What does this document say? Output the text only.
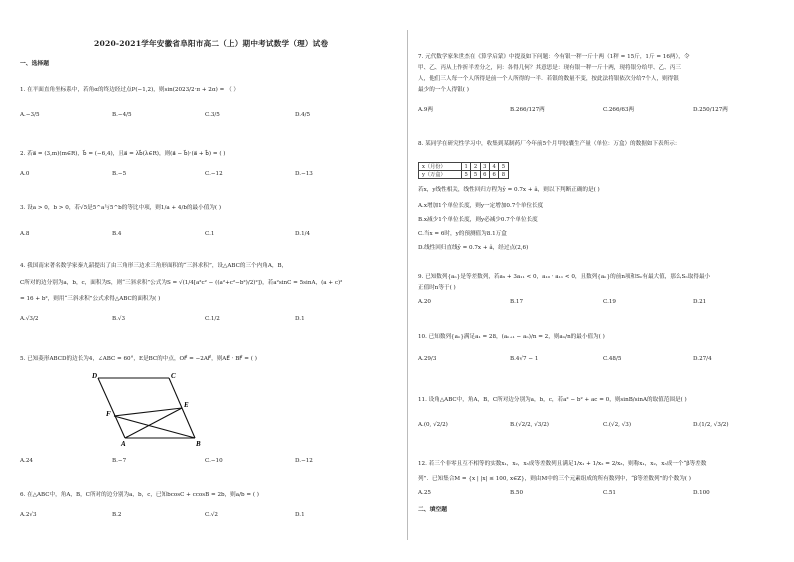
2020-2021学年安徽省阜阳市高二（上）期中考试数学（理）试卷
一、选择题
1. 在平面直角坐标系中，若角α的终边经过点P(−1,2)，则sin(2023/2·π + 2α) = （ ）
A.−3/5	B.−4/5	C.3/5	D.4/5
2. 若a⃗ = (3,m)(m∈R)，b⃗ = (−6,4)，且a⃗ = λb⃗(λ∈R)，则(a⃗ − b⃗)·(a⃗ + b⃗) = ( )
A.0	B.−5	C.−12	D.−13
3. 设a > 0，b > 0，若√5是5^a与5^b的等比中项，则1/a + 4/b的最小值为( )
A.8	B.4	C.1	D.1/4
4. 我国南宋著名数学家秦九韶提出了由三角形三边求三角形面积的“三斜求积”，设△ABC的三个内角A，B，
C所对的边分别为a，b，c，面积为S，则“三斜求积”公式为S = √(1/4[a²c² − ((a²+c²−b²)/2)²])，若a²sinC = 5sinA，(a + c)²
= 16 + b²，则用“三斜求积”公式求得△ABC的面积为( )
A.√3/2	B.√3	C.1/2	D.1
5. 已知菱形ABCD的边长为4，∠ABC = 60°，E是BC的中点，OF⃗ = −2AF⃗，则AE⃗ · BF⃗ = ( )
D	C
E
F
A	B
A.24	B.−7	C.−10	D.−12
6. 在△ABC中，角A，B，C所对的边分别为a，b，c，已知bcosC + ccosB = 2b，则a/b = ( )
A.2√3	B.2	C.√2	D.1
7. 元代数学家朱世杰在《算学启蒙》中提及如下问题：今有银一秤一斤十两（1秤 = 15斤，1斤 = 16两），令
甲、乙、丙从上作折半差分之，问：各得几何？其意思是：现有银一秤一斤十两，现将银分给甲、乙、丙三
人，他们三人每一个人所得是前一个人所得的一半．若银的数量不变，按此法将银依次分给7个人，则得银
最少的一个人得银( )
A.9两	B.266/127两	C.266/63两	D.250/127两
8. 某同学在研究性学习中，收集到某制药厂今年前5个月甲胶囊生产量（单位：万盒）的数据如下表所示：
x（月份）	1	2	3	4	5
y（万盒）	5	5	6	6	8
若x，y线性相关，线性回归方程为ŷ = 0.7x + â，则以下判断正确的是( )
A.x增加1个单位长度，则y一定增加0.7个单位长度
B.x减少1个单位长度，则y必减少0.7个单位长度
C.当x = 6时，y的预测值为8.1万盒
D.线性回归直线ŷ = 0.7x + â，经过点(2,6)
9. 已知数列{aₙ}是等差数列，若a₉ + 3a₁₁ < 0，a₁₀ · a₁₁ < 0，且数列{aₙ}的前n项和Sₙ有最大值，那么Sₙ取得最小
正值时n等于( )
A.20	B.17	C.19	D.21
10. 已知数列{aₙ}满足a₁ = 28，(aₙ₊₁ − aₙ)/n = 2，则aₙ/n的最小值为( )
A.29/3	B.4√7 − 1	C.48/5	D.27/4
11. 设角△ABC中，角A，B，C所对边分别为a，b，c，若a² − b² + ac = 0，则sinB/sinA的取值范围是( )
A.(0, √2/2)	B.(√2/2, √3/2)	C.(√2, √3)	D.(1/2, √3/2)
12. 若三个非零且互不相等的实数x₁，x₂，x₃成等差数列且满足1/x₁ + 1/x₂ = 2/x₃，则称x₁，x₂，x₃成一个“β等差数
列”．已知集合M = {x | |x| ≤ 100, x∈Z}，则由M中的三个元素组成的所有数列中，“β等差数列”的个数为( )
A.25	B.50	C.51	D.100
二、填空题
